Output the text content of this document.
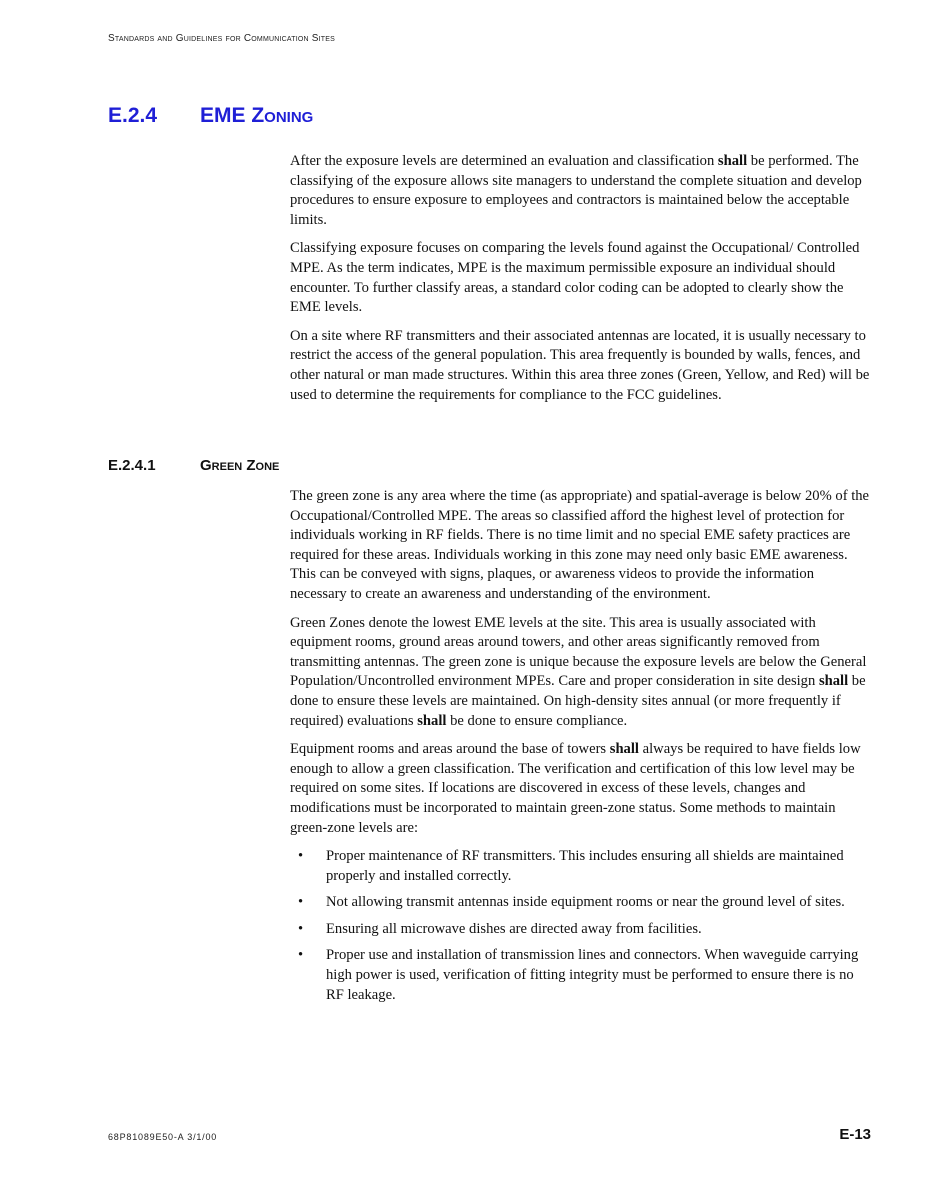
Standards and Guidelines for Communication Sites
E.2.4 EME Zoning

After the exposure levels are determined an evaluation and classification shall be performed. The classifying of the exposure allows site managers to understand the complete situation and develop procedures to ensure exposure to employees and contractors is maintained below the acceptable limits.

Classifying exposure focuses on comparing the levels found against the Occupational/ Controlled MPE. As the term indicates, MPE is the maximum permissible exposure an individual should encounter. To further classify areas, a standard color coding can be adopted to clearly show the EME levels.

On a site where RF transmitters and their associated antennas are located, it is usually necessary to restrict the access of the general population. This area frequently is bounded by walls, fences, and other natural or man made structures. Within this area three zones (Green, Yellow, and Red) will be used to determine the requirements for compliance to the FCC guidelines.

E.2.4.1	Green Zone

The green zone is any area where the time (as appropriate) and spatial-average is below 20% of the Occupational/Controlled MPE. The areas so classified afford the highest level of protection for individuals working in RF fields. There is no time limit and no special EME safety practices are required for these areas. Individuals working in this zone may need only basic EME awareness. This can be conveyed with signs, plaques, or awareness videos to provide the information necessary to create an awareness and understanding of the environment.

Green Zones denote the lowest EME levels at the site. This area is usually associated with equipment rooms, ground areas around towers, and other areas significantly removed from transmitting antennas. The green zone is unique because the exposure levels are below the General Population/Uncontrolled environment MPEs. Care and proper consideration in site design shall be done to ensure these levels are maintained. On high-density sites annual (or more frequently if required) evaluations shall be done to ensure compliance.

Equipment rooms and areas around the base of towers shall always be required to have fields low enough to allow a green classification. The verification and certification of this low level may be required on some sites. If locations are discovered in excess of these levels, changes and modifications must be incorporated to maintain green-zone status. Some methods to maintain green-zone levels are:

• Proper maintenance of RF transmitters. This includes ensuring all shields are maintained properly and installed correctly.
• Not allowing transmit antennas inside equipment rooms or near the ground level of sites.
• Ensuring all microwave dishes are directed away from facilities.
• Proper use and installation of transmission lines and connectors. When waveguide carrying high power is used, verification of fitting integrity must be performed to ensure there is no RF leakage.
68P81089E50-A 3/1/00	E-13
